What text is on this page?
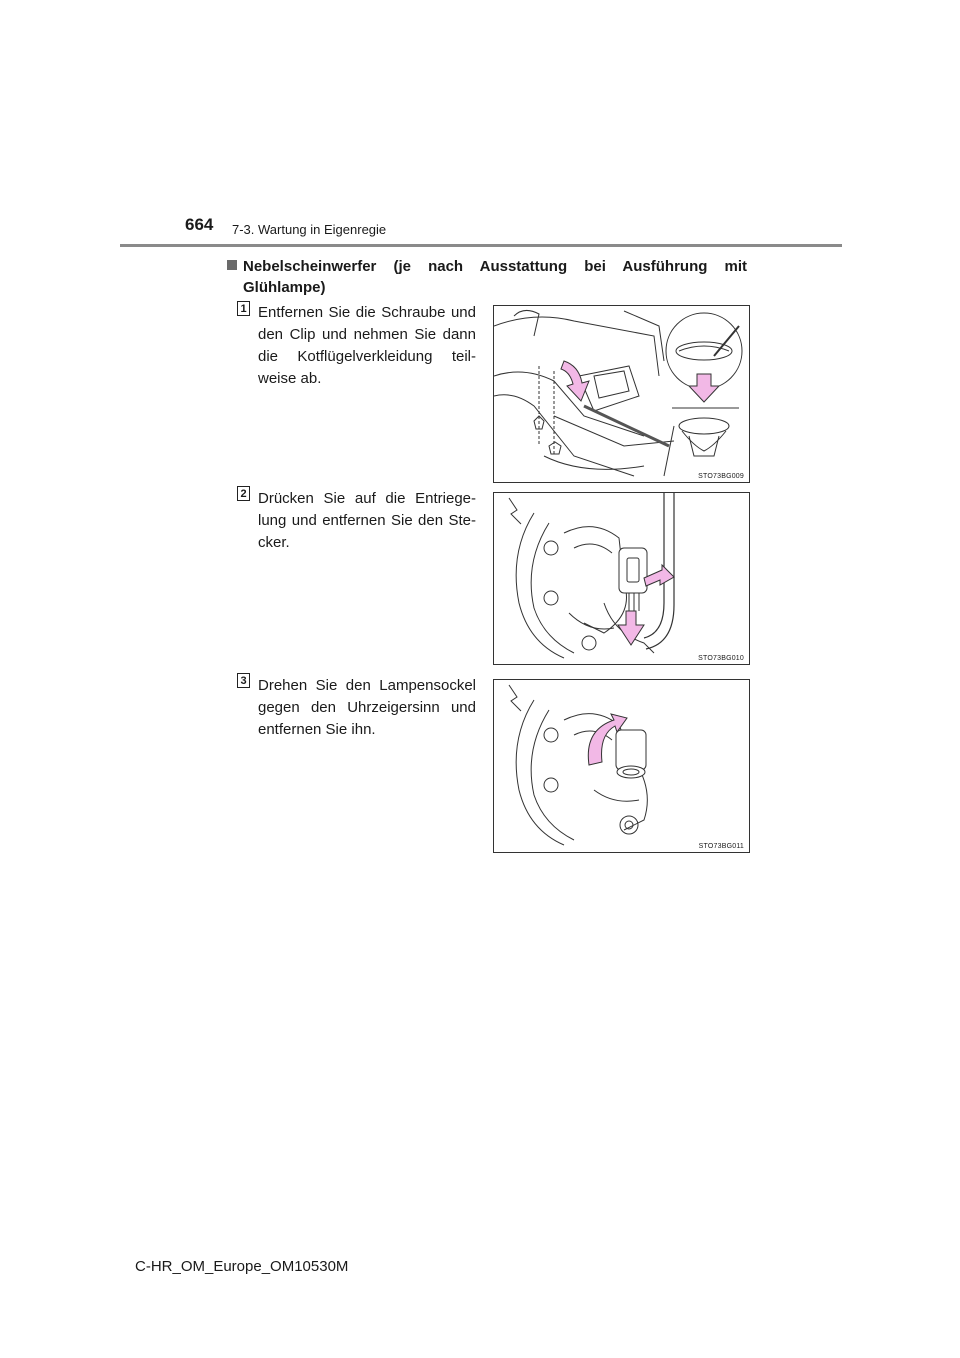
664 7-3. Wartung in Eigenregie
Nebelscheinwerfer (je nach Ausstattung bei Ausführung mit
Glühlampe)
1 Entfernen Sie die Schraube und
den Clip und nehmen Sie dann
die Kotflügelverkleidung teil-
weise ab.
STO73BG009
2 Drücken Sie auf die Entriege-
lung und entfernen Sie den Ste-
cker.
STO73BG010
3 Drehen Sie den Lampensockel
gegen den Uhrzeigersinn und
entfernen Sie ihn.
STO73BG011
C-HR_OM_Europe_OM10530M
